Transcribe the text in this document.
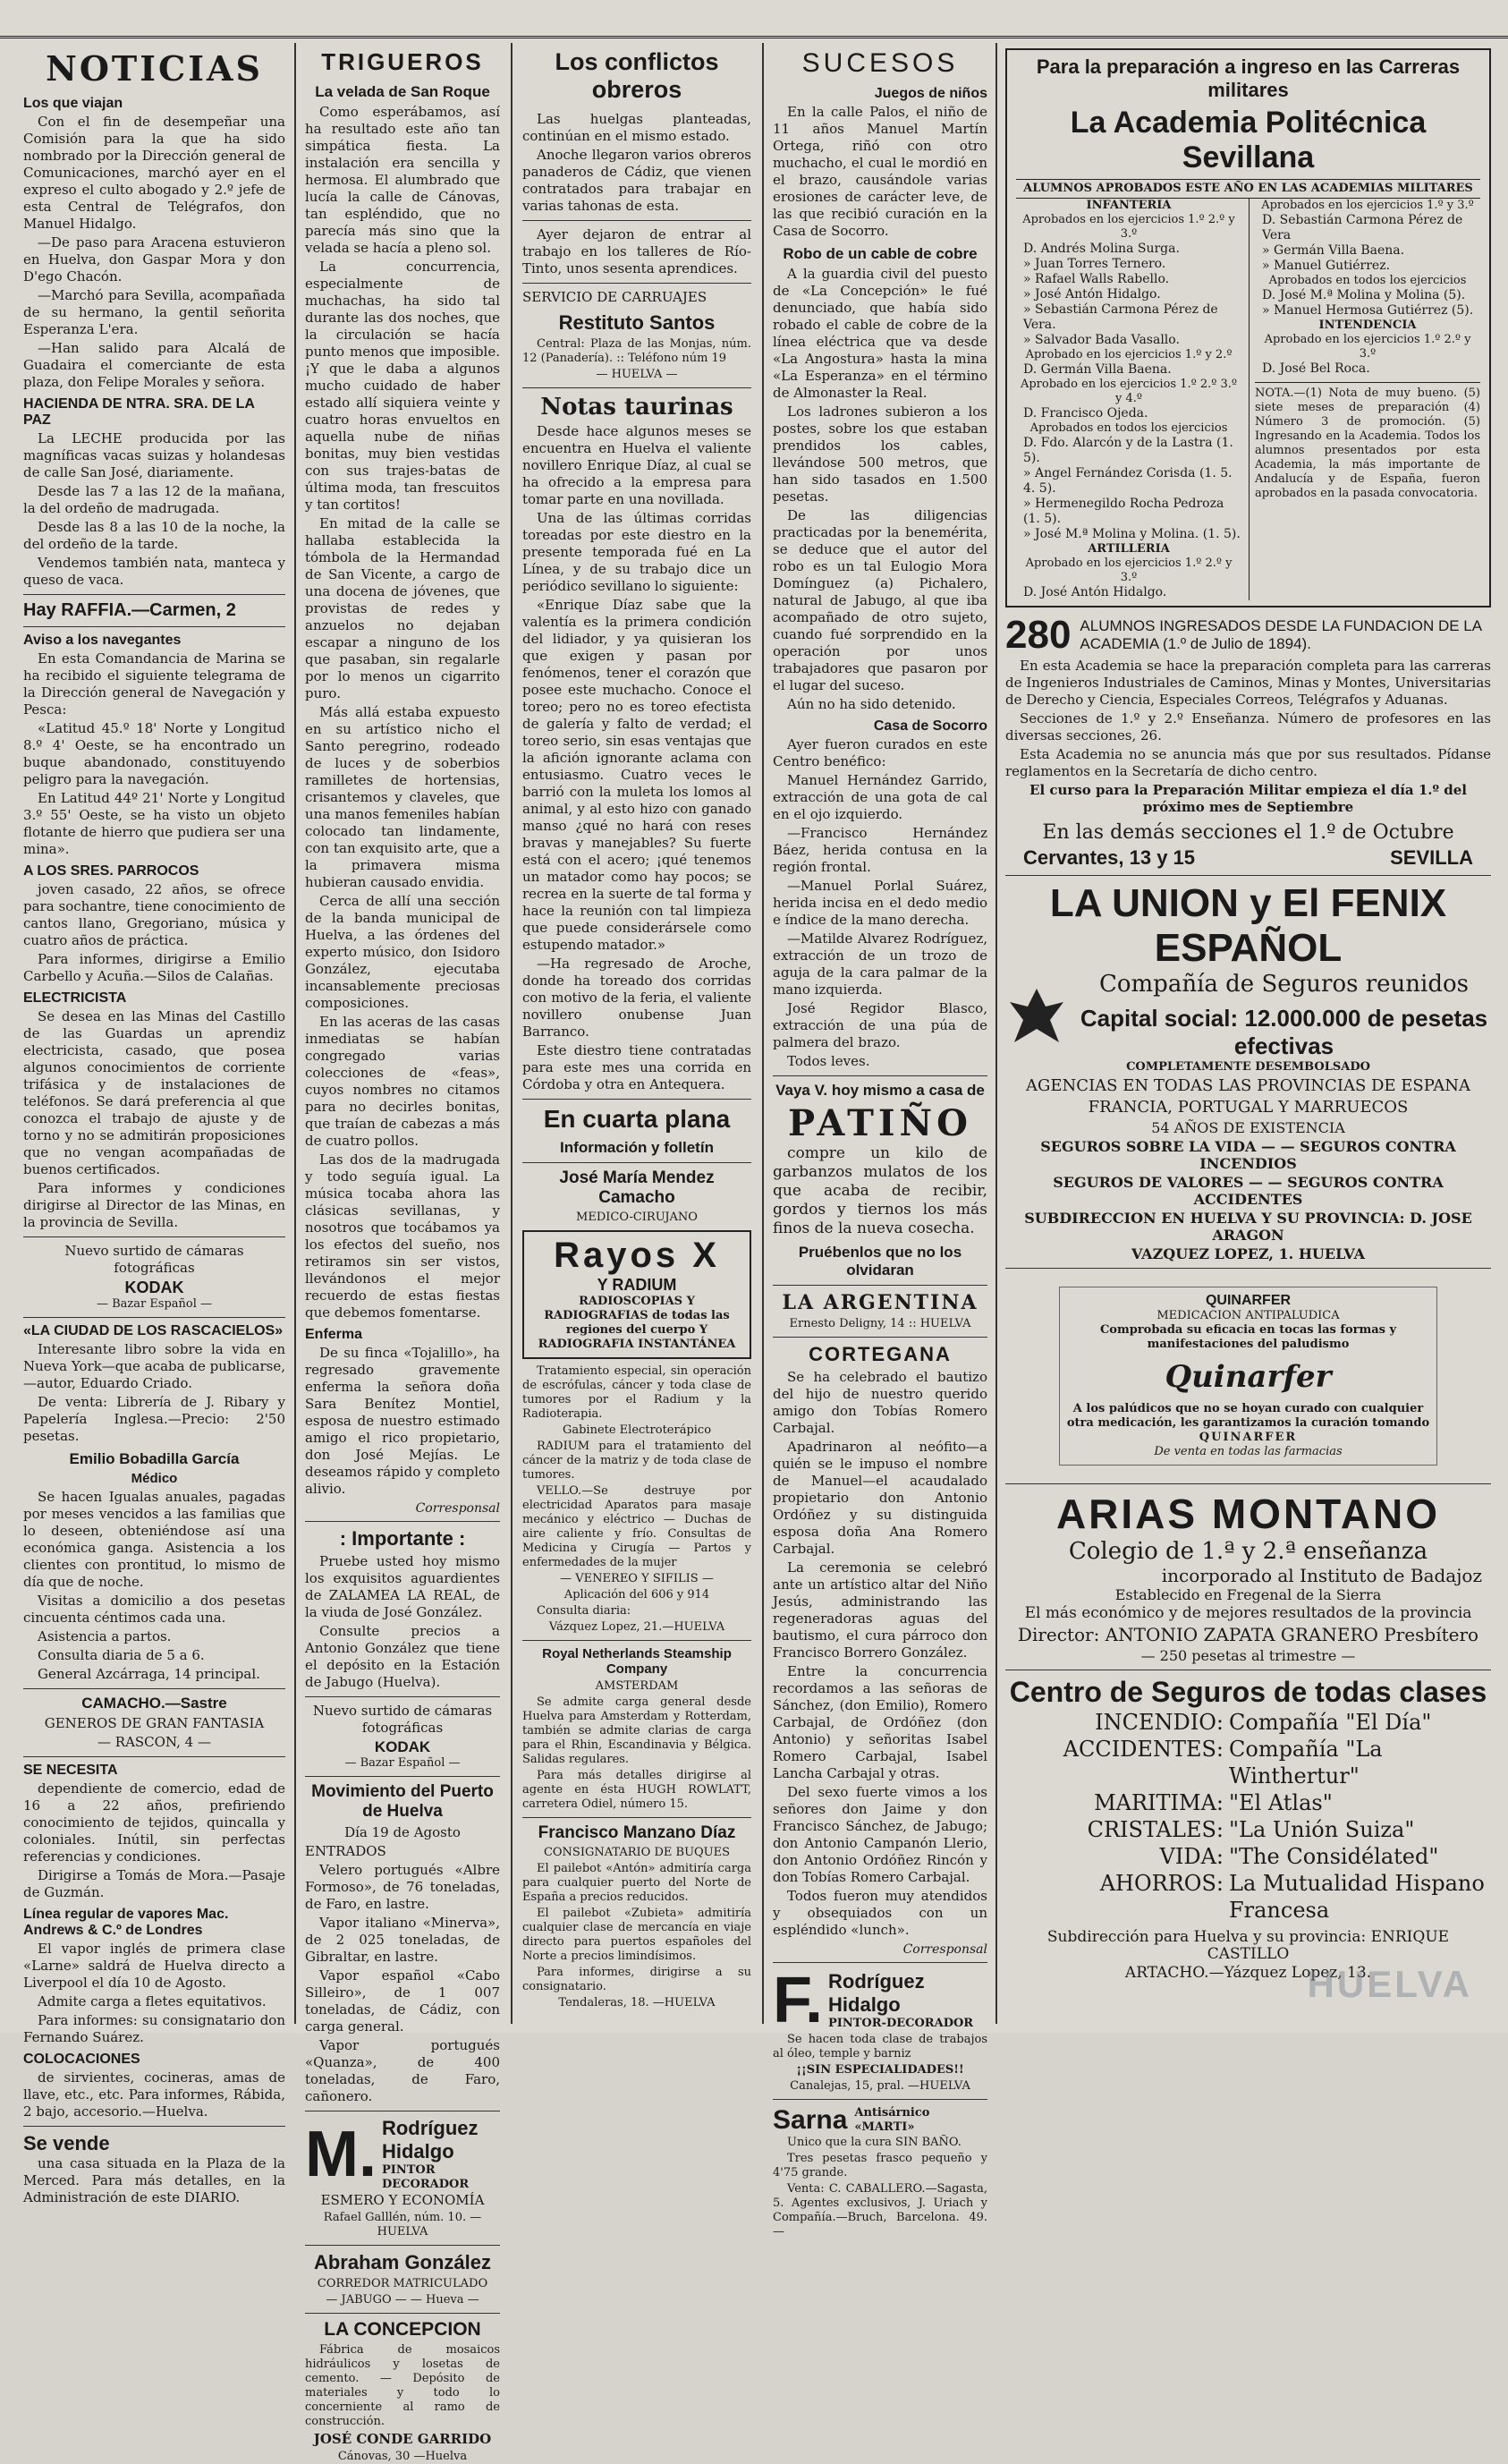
NOTICIAS
Los que viajan

Con el fin de desempeñar una Comisión para la que ha sido nombrado por la Dirección general de Comunicaciones, marchó ayer en el expreso el culto abogado y 2.º jefe de esta Central de Telégrafos, don Manuel Hidalgo.

—De paso para Aracena estuvieron en Huelva, don Gaspar Mora y don D'ego Chacón.

—Marchó para Sevilla, acompañada de su hermano, la gentil señorita Esperanza L'era.

—Han salido para Alcalá de Guadaira el comerciante de esta plaza, don Felipe Morales y señora.

HACIENDA DE NTRA. SRA. DE LA PAZ

La LECHE producida por las magníficas vacas suizas y holandesas de calle San José, diariamente.

Desde las 7 a las 12 de la mañana, la del ordeño de madrugada.

Desde las 8 a las 10 de la noche, la del ordeño de la tarde.

Vendemos también nata, manteca y queso de vaca.

Hay RAFFIA.—Carmen, 2
Aviso a los navegantes

En esta Comandancia de Marina se ha recibido el siguiente telegrama de la Dirección general de Navegación y Pesca:

«Latitud 45.º 18' Norte y Longitud 8.º 4' Oeste, se ha encontrado un buque abandonado, constituyendo peligro para la navegación.

En Latitud 44º 21' Norte y Longitud 3.º 55' Oeste, se ha visto un objeto flotante de hierro que pudiera ser una mina».

A LOS SRES. PARROCOS

joven casado, 22 años, se ofrece para sochantre, tiene conocimiento de cantos llano, Gregoriano, música y cuatro años de práctica.

Para informes, dirigirse a Emilio Carbello y Acuña.—Silos de Calañas.

ELECTRICISTA

Se desea en las Minas del Castillo de las Guardas un aprendiz electricista, casado, que posea algunos conocimientos de corriente trifásica y de instalaciones de teléfonos. Se dará preferencia al que conozca el trabajo de ajuste y de torno y no se admitirán proposiciones que no vengan acompañadas de buenos certificados.

Para informes y condiciones dirigirse al Director de las Minas, en la provincia de Sevilla.

Nuevo surtido de cámaras fotográficas

KODAK

— Bazar Español —

«LA CIUDAD DE LOS RASCACIELOS»

Interesante libro sobre la vida en Nueva York—que acaba de publicarse,—autor, Eduardo Criado.

De venta: Librería de J. Ribary y Papelería Inglesa.—Precio: 2'50 pesetas.

Emilio Bobadilla García
Médico

Se hacen Igualas anuales, pagadas por meses vencidos a las familias que lo deseen, obteniéndose así una económica ganga. Asistencia a los clientes con prontitud, lo mismo de día que de noche.

Visitas a domicilio a dos pesetas cincuenta céntimos cada una.

Asistencia a partos.

Consulta diaria de 5 a 6.

General Azcárraga, 14 principal.

CAMACHO.—Sastre

GENEROS DE GRAN FANTASIA

— RASCON, 4 —

SE NECESITA

dependiente de comercio, edad de 16 a 22 años, prefiriendo conocimiento de tejidos, quincalla y coloniales. Inútil, sin perfectas referencias y condiciones.

Dirigirse a Tomás de Mora.—Pasaje de Guzmán.

Línea regular de vapores Mac. Andrews & C.º de Londres

El vapor inglés de primera clase «Larne» saldrá de Huelva directo a Liverpool el día 10 de Agosto.

Admite carga a fletes equitativos.

Para informes: su consignatario don Fernando Suárez.

COLOCACIONES

de sirvientes, cocineras, amas de llave, etc., etc. Para informes, Rábida, 2 bajo, accesorio.—Huelva.

Se vende

una casa situada en la Plaza de la Merced. Para más detalles, en la Administración de este DIARIO.

TRIGUEROS
La velada de San Roque

Como esperábamos, así ha resultado este año tan simpática fiesta. La instalación era sencilla y hermosa. El alumbrado que lucía la calle de Cánovas, tan espléndido, que no parecía más sino que la velada se hacía a pleno sol.

La concurrencia, especialmente de muchachas, ha sido tal durante las dos noches, que la circulación se hacía punto menos que imposible. ¡Y que le daba a algunos mucho cuidado de haber estado allí siquiera veinte y cuatro horas envueltos en aquella nube de niñas bonitas, muy bien vestidas con sus trajes-batas de última moda, tan frescuitos y tan cortitos!

En mitad de la calle se hallaba establecida la tómbola de la Hermandad de San Vicente, a cargo de una docena de jóvenes, que provistas de redes y anzuelos no dejaban escapar a ninguno de los que pasaban, sin regalarle por lo menos un cigarrito puro.

Más allá estaba expuesto en su artístico nicho el Santo peregrino, rodeado de luces y de soberbios ramilletes de hortensias, crisantemos y claveles, que una manos femeniles habían colocado tan lindamente, con tan exquisito arte, que a la primavera misma hubieran causado envidia.

Cerca de allí una sección de la banda municipal de Huelva, a las órdenes del experto músico, don Isidoro González, ejecutaba incansablemente preciosas composiciones.

En las aceras de las casas inmediatas se habían congregado varias colecciones de «feas», cuyos nombres no citamos para no decirles bonitas, que traían de cabezas a más de cuatro pollos.

Las dos de la madrugada y todo seguía igual. La música tocaba ahora las clásicas sevillanas, y nosotros que tocábamos ya los efectos del sueño, nos retiramos sin ser vistos, llevándonos el mejor recuerdo de estas fiestas que debemos fomentarse.

Enferma

De su finca «Tojalillo», ha regresado gravemente enferma la señora doña Sara Benítez Montiel, esposa de nuestro estimado amigo el rico propietario, don José Mejías. Le deseamos rápido y completo alivio.

Corresponsal
: Importante :

Pruebe usted hoy mismo los exquisitos aguardientes de ZALAMEA LA REAL, de la viuda de José González.

Consulte precios a Antonio González que tiene el depósito en la Estación de Jabugo (Huelva).

Nuevo surtido de cámaras fotográficas

KODAK

— Bazar Español —

Movimiento del Puerto de Huelva

Día 19 de Agosto

ENTRADOS

Velero portugués «Albre Formoso», de 76 toneladas, de Faro, en lastre.

Vapor italiano «Minerva», de 2 025 toneladas, de Gibraltar, en lastre.

Vapor español «Cabo Silleiro», de 1 007 toneladas, de Cádiz, con carga general.

Vapor portugués «Quanza», de 400 toneladas, de Faro, cañonero.

M. Rodríguez Hidalgo
PINTOR DECORADOR

ESMERO Y ECONOMÍA

Rafael Galllén, núm. 10. —HUELVA

Abraham González

CORREDOR MATRICULADO

— JABUGO — — Hueva —

LA CONCEPCION

Fábrica de mosaicos hidráulicos y losetas de cemento. — Depósito de materiales y todo lo concerniente al ramo de construcción.

JOSÉ CONDE GARRIDO

Cánovas, 30 —Huelva

Los conflictos obreros

Las huelgas planteadas, continúan en el mismo estado.

Anoche llegaron varios obreros panaderos de Cádiz, que vienen contratados para trabajar en varias tahonas de esta.

Ayer dejaron de entrar al trabajo en los talleres de Río-Tinto, unos sesenta aprendices.

SERVICIO DE CARRUAJES

Restituto Santos

Central: Plaza de las Monjas, núm. 12 (Panadería). :: Teléfono núm 19

— HUELVA —

Notas taurinas

Desde hace algunos meses se encuentra en Huelva el valiente novillero Enrique Díaz, al cual se ha ofrecido a la empresa para tomar parte en una novillada.

Una de las últimas corridas toreadas por este diestro en la presente temporada fué en La Línea, y de su trabajo dice un periódico sevillano lo siguiente:

«Enrique Díaz sabe que la valentía es la primera condición del lidiador, y ya quisieran los que exigen y pasan por fenómenos, tener el corazón que posee este muchacho. Conoce el toreo; pero no es toreo efectista de galería y falto de verdad; el toreo serio, sin esas ventajas que la afición ignorante aclama con entusiasmo. Cuatro veces le barrió con la muleta los lomos al animal, y al esto hizo con ganado manso ¿qué no hará con reses bravas y manejables? Su fuerte está con el acero; ¡qué tenemos un matador como hay pocos; se recrea en la suerte de tal forma y hace la reunión con tal limpieza que puede considerársele como estupendo matador.»

—Ha regresado de Aroche, donde ha toreado dos corridas con motivo de la feria, el valiente novillero onubense Juan Barranco.

Este diestro tiene contratadas para este mes una corrida en Córdoba y otra en Antequera.

En cuarta plana
Información y folletín
José María Mendez Camacho

MEDICO-CIRUJANO

Rayos X
Y RADIUM

RADIOSCOPIAS Y RADIOGRAFIAS de todas las regiones del cuerpo Y RADIOGRAFIA INSTANTÁNEA

Tratamiento especial, sin operación de escrófulas, cáncer y toda clase de tumores por el Radium y la Radioterapia.

Gabinete Electroterápico

RADIUM para el tratamiento del cáncer de la matriz y de toda clase de tumores.

VELLO.—Se destruye por electricidad Aparatos para masaje mecánico y eléctrico — Duchas de aire caliente y frío. Consultas de Medicina y Cirugía — Partos y enfermedades de la mujer

— VENEREO Y SIFILIS —

Aplicación del 606 y 914

Consulta diaria:

Vázquez Lopez, 21.—HUELVA

Royal Netherlands Steamship Company

AMSTERDAM

Se admite carga general desde Huelva para Amsterdam y Rotterdam, también se admite clarias de carga para el Rhin, Escandinavia y Bélgica. Salidas regulares.

Para más detalles dirigirse al agente en ésta HUGH ROWLATT, carretera Odiel, número 15.

Francisco Manzano Díaz

CONSIGNATARIO DE BUQUES

El pailebot «Antón» admitiría carga para cualquier puerto del Norte de España a precios reducidos.

El pailebot «Zubieta» admitiría cualquier clase de mercancía en viaje directo para puertos españoles del Norte a precios limindísimos.

Para informes, dirigirse a su consignatario.

Tendaleras, 18. —HUELVA

SUCESOS
Juegos de niños

En la calle Palos, el niño de 11 años Manuel Martín Ortega, riñó con otro muchacho, el cual le mordió en el brazo, causándole varias erosiones de carácter leve, de las que recibió curación en la Casa de Socorro.

Robo de un cable de cobre

A la guardia civil del puesto de «La Concepción» le fué denunciado, que había sido robado el cable de cobre de la línea eléctrica que va desde «La Angostura» hasta la mina «La Esperanza» en el término de Almonaster la Real.

Los ladrones subieron a los postes, sobre los que estaban prendidos los cables, llevándose 500 metros, que han sido tasados en 1.500 pesetas.

De las diligencias practicadas por la benemérita, se deduce que el autor del robo es un tal Eulogio Mora Domínguez (a) Pichalero, natural de Jabugo, al que iba acompañado de otro sujeto, cuando fué sorprendido en la operación por unos trabajadores que pasaron por el lugar del suceso.

Aún no ha sido detenido.

Casa de Socorro

Ayer fueron curados en este Centro benéfico:

Manuel Hernández Garrido, extracción de una gota de cal en el ojo izquierdo.

—Francisco Hernández Báez, herida contusa en la región frontal.

—Manuel Porlal Suárez, herida incisa en el dedo medio e índice de la mano derecha.

—Matilde Alvarez Rodríguez, extracción de un trozo de aguja de la cara palmar de la mano izquierda.

José Regidor Blasco, extracción de una púa de palmera del brazo.

Todos leves.

Vaya V. hoy mismo a casa de
PATIÑO

compre un kilo de garbanzos mulatos de los que acaba de recibir, gordos y tiernos los más finos de la nueva cosecha.

Pruébenlos que no los olvidaran
LA ARGENTINA

Ernesto Deligny, 14 :: HUELVA

CORTEGANA

Se ha celebrado el bautizo del hijo de nuestro querido amigo don Tobías Romero Carbajal.

Apadrinaron al neófito—a quién se le impuso el nombre de Manuel—el acaudalado propietario don Antonio Ordóñez y su distinguida esposa doña Ana Romero Carbajal.

La ceremonia se celebró ante un artístico altar del Niño Jesús, administrando las regeneradoras aguas del bautismo, el cura párroco don Francisco Borrero González.

Entre la concurrencia recordamos a las señoras de Sánchez, (don Emilio), Romero Carbajal, de Ordóñez (don Antonio) y señoritas Isabel Romero Carbajal, Isabel Lancha Carbajal y otras.

Del sexo fuerte vimos a los señores don Jaime y don Francisco Sánchez, de Jabugo; don Antonio Campanón Llerio, don Antonio Ordóñez Rincón y don Tobías Romero Carbajal.

Todos fueron muy atendidos y obsequiados con un espléndido «lunch».

Corresponsal
F. Rodríguez Hidalgo
PINTOR-DECORADOR

Se hacen toda clase de trabajos al óleo, temple y barniz

¡¡SIN ESPECIALIDADES!!

Canalejas, 15, pral. —HUELVA

Sarna Antisárnico «MARTI»

Unico que la cura SIN BAÑO.

Tres pesetas frasco pequeño y 4'75 grande.

Venta: C. CABALLERO.—Sagasta, 5. Agentes exclusivos, J. Uriach y Compañía.—Bruch, Barcelona. 49.—

Para la preparación a ingreso en las Carreras militares
La Academia Politécnica Sevillana
ALUMNOS APROBADOS ESTE AÑO EN LAS ACADEMIAS MILITARES
INFANTERIA
Aprobados en los ejercicios 1.º 2.º y 3.º
D. Andrés Molina Surga.
» Juan Torres Ternero.
» Rafael Walls Rabello.
» José Antón Hidalgo.
» Sebastián Carmona Pérez de Vera.
» Salvador Bada Vasallo.
Aprobado en los ejercicios 1.º y 2.º
D. Germán Villa Baena.
Aprobado en los ejercicios 1.º 2.º 3.º y 4.º
D. Francisco Ojeda.
Aprobados en todos los ejercicios
D. Fdo. Alarcón y de la Lastra (1. 5).
» Angel Fernández Corisda (1. 5. 4. 5).
» Hermenegildo Rocha Pedroza (1. 5).
» José M.ª Molina y Molina. (1. 5).
ARTILLERIA
Aprobado en los ejercicios 1.º 2.º y 3.º
D. José Antón Hidalgo.
Aprobados en los ejercicios 1.º y 3.º
D. Sebastián Carmona Pérez de Vera
» Germán Villa Baena.
» Manuel Gutiérrez.
Aprobados en todos los ejercicios
D. José M.ª Molina y Molina (5).
» Manuel Hermosa Gutiérrez (5).
INTENDENCIA
Aprobado en los ejercicios 1.º 2.º y 3.º
D. José Bel Roca.
NOTA.—(1) Nota de muy bueno. (5) siete meses de preparación (4) Número 3 de promoción. (5) Ingresando en la Academia. Todos los alumnos presentados por esta Academia, la más importante de Andalucía y de España, fueron aprobados en la pasada convocatoria.
280 ALUMNOS INGRESADOS DESDE LA FUNDACION DE LA ACADEMIA (1.º de Julio de 1894).

En esta Academia se hace la preparación completa para las carreras de Ingenieros Industriales de Caminos, Minas y Montes, Universitarias de Derecho y Ciencia, Especiales Correos, Telégrafos y Aduanas.

Secciones de 1.º y 2.º Enseñanza. Número de profesores en las diversas secciones, 26.

Esta Academia no se anuncia más que por sus resultados. Pídanse reglamentos en la Secretaría de dicho centro.

El curso para la Preparación Militar empieza el día 1.º del próximo mes de Septiembre

En las demás secciones el 1.º de Octubre
Cervantes, 13 y 15	SEVILLA
LA UNION y El FENIX ESPAÑOL
Compañía de Seguros reunidos
Capital social: 12.000.000 de pesetas efectivas

COMPLETAMENTE DESEMBOLSADO

AGENCIAS EN TODAS LAS PROVINCIAS DE ESPANA

FRANCIA, PORTUGAL Y MARRUECOS

54 AÑOS DE EXISTENCIA

SEGUROS SOBRE LA VIDA — — SEGUROS CONTRA INCENDIOS

SEGUROS DE VALORES — — SEGUROS CONTRA ACCIDENTES

SUBDIRECCION EN HUELVA Y SU PROVINCIA: D. JOSE ARAGON

VAZQUEZ LOPEZ, 1. HUELVA

QUINARFER
MEDICACION ANTIPALUDICA
Comprobada su eficacia en tocas las formas y manifestaciones del paludismo
Quinarfer
A los palúdicos que no se hoyan curado con cualquier otra medicación, les garantizamos la curación tomando
QUINARFER
De venta en todas las farmacias
ARIAS MONTANO
Colegio de 1.ª y 2.ª enseñanza
incorporado al Instituto de Badajoz

Establecido en Fregenal de la Sierra

El más económico y de mejores resultados de la provincia

Director: ANTONIO ZAPATA GRANERO Presbítero

— 250 pesetas al trimestre —

Centro de Seguros de todas clases
INCENDIO: Compañía "El Día"
ACCIDENTES: Compañía "La Winthertur"
MARITIMA: "El Atlas"
CRISTALES: "La Unión Suiza"
VIDA: "The Considélated"
AHORROS: La Mutualidad Hispano Francesa

Subdirección para Huelva y su provincia: ENRIQUE CASTILLO

ARTACHO.—Yázquez Lopez, 13.

HUELVA
